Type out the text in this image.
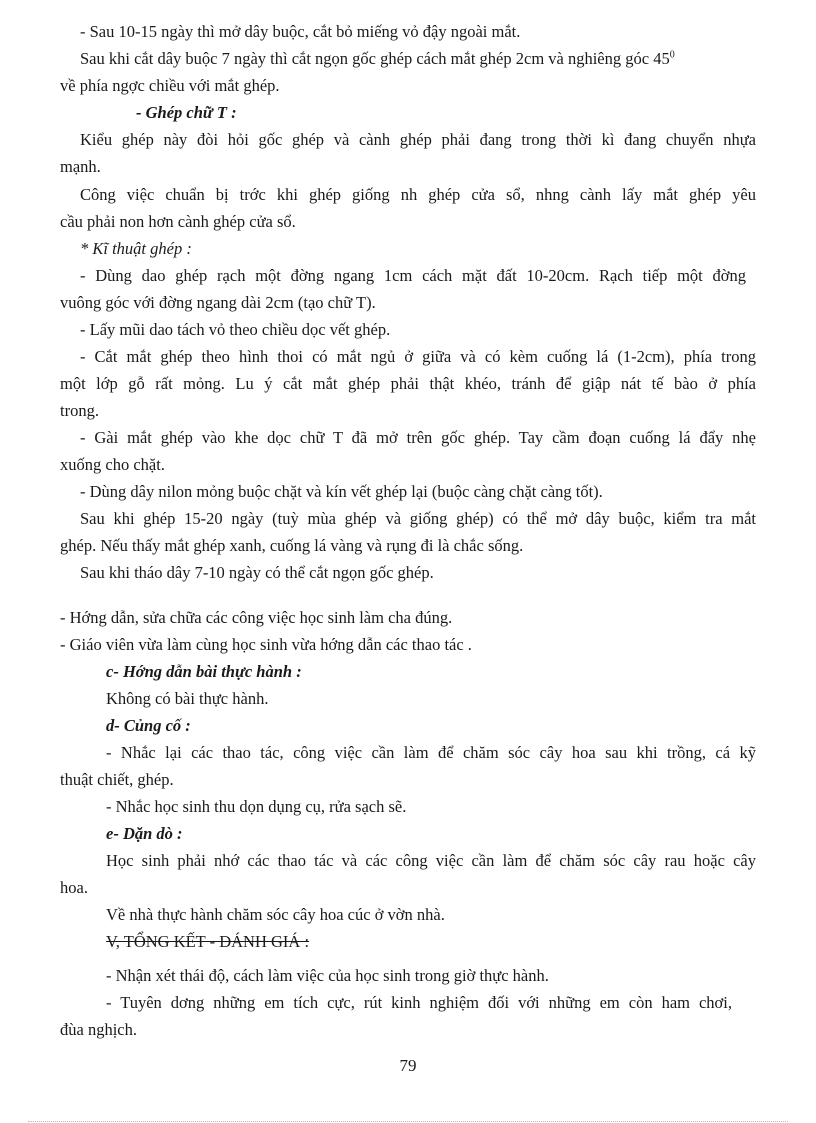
- Sau 10-15 ngày thì mở dây buộc, cắt bỏ miếng vỏ đậy ngoài mắt.
Sau khi cắt dây buộc 7 ngày thì cắt ngọn gốc ghép cách mắt ghép 2cm và nghiêng góc $45^0$
về phía ngợc chiều với mắt ghép.
- Ghép chữ T :
Kiểu ghép này đòi hỏi gốc ghép và cành ghép phải đang trong thời kì đang chuyển nhựa
mạnh.
Công việc chuẩn bị trớc khi ghép giống nh ghép cửa sổ, nhng cành lấy mắt ghép yêu
cầu phải non hơn cành ghép cửa sổ.
* Kĩ thuật ghép :
- Dùng dao ghép rạch một đờng ngang 1cm cách mặt đất 10-20cm. Rạch tiếp một đờng
vuông góc với đờng ngang dài 2cm (tạo chữ T).
- Lấy mũi dao tách vỏ theo chiều dọc vết ghép.
- Cắt mắt ghép theo hình thoi có mắt ngủ ở giữa và có kèm cuống lá (1-2cm), phía trong
một lớp gỗ rất mỏng. Lu ý cắt mắt ghép phải thật khéo, tránh để giập nát tế bào ở phía
trong.
- Gài mắt ghép vào khe dọc chữ T đã mở trên gốc ghép. Tay cầm đoạn cuống lá đẩy nhẹ
xuống cho chặt.
- Dùng dây nilon mỏng buộc chặt và kín vết ghép lại (buộc càng chặt càng tốt).
Sau khi ghép 15-20 ngày (tuỳ mùa ghép và giống ghép) có thể mở dây buộc, kiểm tra mắt
ghép. Nếu thấy mắt ghép xanh, cuống lá vàng và rụng đi là chắc sống.
Sau khi tháo dây 7-10 ngày có thể cắt ngọn gốc ghép.
- Hớng dẫn, sửa chữa các công việc học sinh làm cha đúng.
- Giáo viên vừa làm cùng học sinh vừa hớng dẫn các thao tác .
c- Hớng dẫn bài thực hành :
Không có bài thực hành.
d- Củng cố :
- Nhắc lại các thao tác, công việc cần làm để chăm sóc cây hoa sau khi trồng, cá kỹ
thuật chiết, ghép.
- Nhắc học sinh thu dọn dụng cụ, rửa sạch sẽ.
e- Dặn dò :
Học sinh phải nhớ các thao tác và các công việc cần làm để chăm sóc cây rau hoặc cây
hoa.
Về nhà thực hành chăm sóc cây hoa cúc ở vờn nhà.
V, TỔNG KẾT - ĐÁNH GIÁ :
- Nhận xét thái độ, cách làm việc của học sinh trong giờ thực hành.
- Tuyên dơng những em tích cực, rút kinh nghiệm đối với những em còn ham chơi,
đùa nghịch.
79
